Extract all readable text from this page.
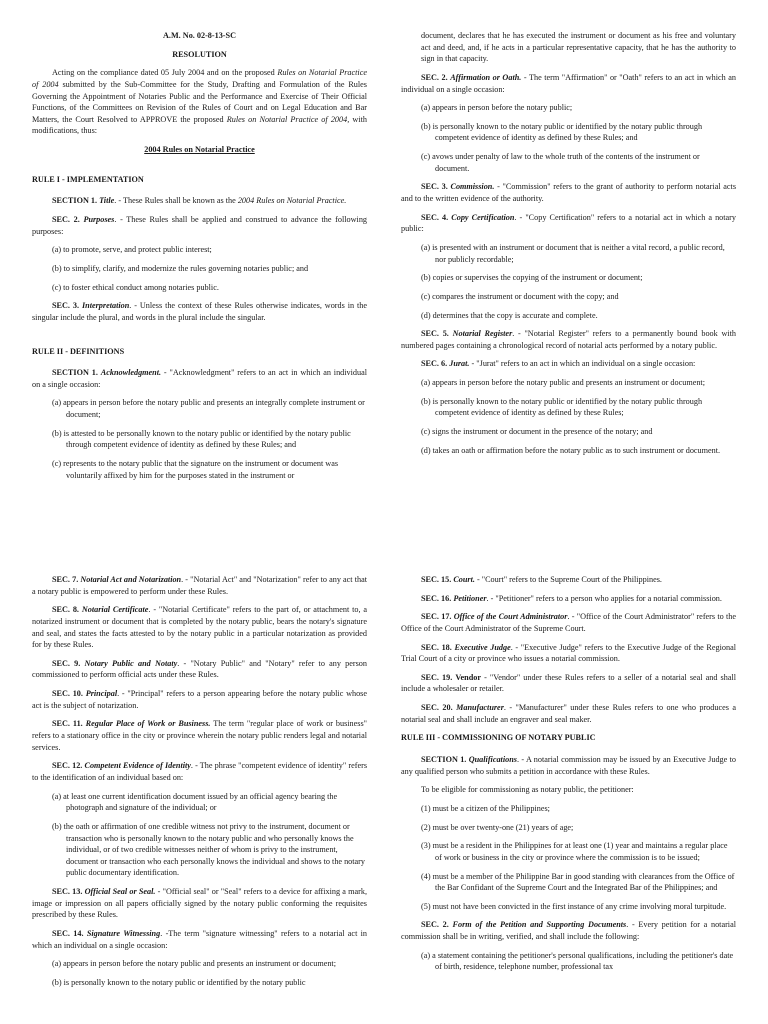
A.M. No. 02-8-13-SC

RESOLUTION

Acting on the compliance dated 05 July 2004 and on the proposed Rules on Notarial Practice of 2004 submitted by the Sub-Committee for the Study, Drafting and Formulation of the Rules Governing the Appointment of Notaries Public and the Performance and Exercise of Their Official Functions, of the Committees on Revision of the Rules of Court and on Legal Education and Bar Matters, the Court Resolved to APPROVE the proposed Rules on Notarial Practice of 2004, with modifications, thus:

2004 Rules on Notarial Practice

RULE I - IMPLEMENTATION

SECTION 1. Title. - These Rules shall be known as the 2004 Rules on Notarial Practice.

SEC. 2. Purposes. - These Rules shall be applied and construed to advance the following purposes:

(a) to promote, serve, and protect public interest;

(b) to simplify, clarify, and modernize the rules governing notaries public; and

(c) to foster ethical conduct among notaries public.

SEC. 3. Interpretation. - Unless the context of these Rules otherwise indicates, words in the singular include the plural, and words in the plural include the singular.

RULE II - DEFINITIONS

SECTION 1. Acknowledgment. - "Acknowledgment" refers to an act in which an individual on a single occasion:

(a) appears in person before the notary public and presents an integrally complete instrument or document;

(b) is attested to be personally known to the notary public or identified by the notary public through competent evidence of identity as defined by these Rules; and

(c) represents to the notary public that the signature on the instrument or document was voluntarily affixed by him for the purposes stated in the instrument or

document, declares that he has executed the instrument or document as his free and voluntary act and deed, and, if he acts in a particular representative capacity, that he has the authority to sign in that capacity.

SEC. 2. Affirmation or Oath. - The term "Affirmation" or "Oath" refers to an act in which an individual on a single occasion:

(a) appears in person before the notary public;

(b) is personally known to the notary public or identified by the notary public through competent evidence of identity as defined by these Rules; and

(c) avows under penalty of law to the whole truth of the contents of the instrument or document.

SEC. 3. Commission. - "Commission" refers to the grant of authority to perform notarial acts and to the written evidence of the authority.

SEC. 4. Copy Certification. - "Copy Certification" refers to a notarial act in which a notary public:

(a) is presented with an instrument or document that is neither a vital record, a public record, nor publicly recordable;

(b) copies or supervises the copying of the instrument or document;

(c) compares the instrument or document with the copy; and

(d) determines that the copy is accurate and complete.

SEC. 5. Notarial Register. - "Notarial Register" refers to a permanently bound book with numbered pages containing a chronological record of notarial acts performed by a notary public.

SEC. 6. Jurat. - "Jurat" refers to an act in which an individual on a single occasion:

(a) appears in person before the notary public and presents an instrument or document;

(b) is personally known to the notary public or identified by the notary public through competent evidence of identity as defined by these Rules;

(c) signs the instrument or document in the presence of the notary; and

(d) takes an oath or affirmation before the notary public as to such instrument or document.

SEC. 7. Notarial Act and Notarization. - "Notarial Act" and "Notarization" refer to any act that a notary public is empowered to perform under these Rules.

SEC. 8. Notarial Certificate. - "Notarial Certificate" refers to the part of, or attachment to, a notarized instrument or document that is completed by the notary public, bears the notary's signature and seal, and states the facts attested to by the notary public in a particular notarization as provided for by these Rules.

SEC. 9. Notary Public and Notaty. - "Notary Public" and "Notary" refer to any person commissioned to perform official acts under these Rules.

SEC. 10. Principal. - "Principal" refers to a person appearing before the notary public whose act is the subject of notarization.

SEC. 11. Regular Place of Work or Business. The term "regular place of work or business" refers to a stationary office in the city or province wherein the notary public renders legal and notarial services.

SEC. 12. Competent Evidence of Identity. - The phrase "competent evidence of identity" refers to the identification of an individual based on:

(a) at least one current identification document issued by an official agency bearing the photograph and signature of the individual; or

(b) the oath or affirmation of one credible witness not privy to the instrument, document or transaction who is personally known to the notary public and who personally knows the individual, or of two credible witnesses neither of whom is privy to the instrument, document or transaction who each personally knows the individual and shows to the notary public documentary identification.

SEC. 13. Official Seal or Seal. - "Official seal" or "Seal" refers to a device for affixing a mark, image or impression on all papers officially signed by the notary public conforming the requisites prescribed by these Rules.

SEC. 14. Signature Witnessing. -The term "signature witnessing" refers to a notarial act in which an individual on a single occasion:

(a) appears in person before the notary public and presents an instrument or document;

(b) is personally known to the notary public or identified by the notary public

SEC. 15. Court. - "Court" refers to the Supreme Court of the Philippines.

SEC. 16. Petitioner. - "Petitioner" refers to a person who applies for a notarial commission.

SEC. 17. Office of the Court Administrator. - "Office of the Court Administrator" refers to the Office of the Court Administrator of the Supreme Court.

SEC. 18. Executive Judge. - "Executive Judge" refers to the Executive Judge of the Regional Trial Court of a city or province who issues a notarial commission.

SEC. 19. Vendor - "Vendor" under these Rules refers to a seller of a notarial seal and shall include a wholesaler or retailer.

SEC. 20. Manufacturer. - "Manufacturer" under these Rules refers to one who produces a notarial seal and shall include an engraver and seal maker.

RULE III - COMMISSIONING OF NOTARY PUBLIC

SECTION 1. Qualifications. - A notarial commission may be issued by an Executive Judge to any qualified person who submits a petition in accordance with these Rules.

To be eligible for commissioning as notary public, the petitioner:

(1) must be a citizen of the Philippines;

(2) must be over twenty-one (21) years of age;

(3) must be a resident in the Philippines for at least one (1) year and maintains a regular place of work or business in the city or province where the commission is to be issued;

(4) must be a member of the Philippine Bar in good standing with clearances from the Office of the Bar Confidant of the Supreme Court and the Integrated Bar of the Philippines; and

(5) must not have been convicted in the first instance of any crime involving moral turpitude.

SEC. 2. Form of the Petition and Supporting Documents. - Every petition for a notarial commission shall be in writing, verified, and shall include the following:

(a) a statement containing the petitioner's personal qualifications, including the petitioner's date of birth, residence, telephone number, professional tax
